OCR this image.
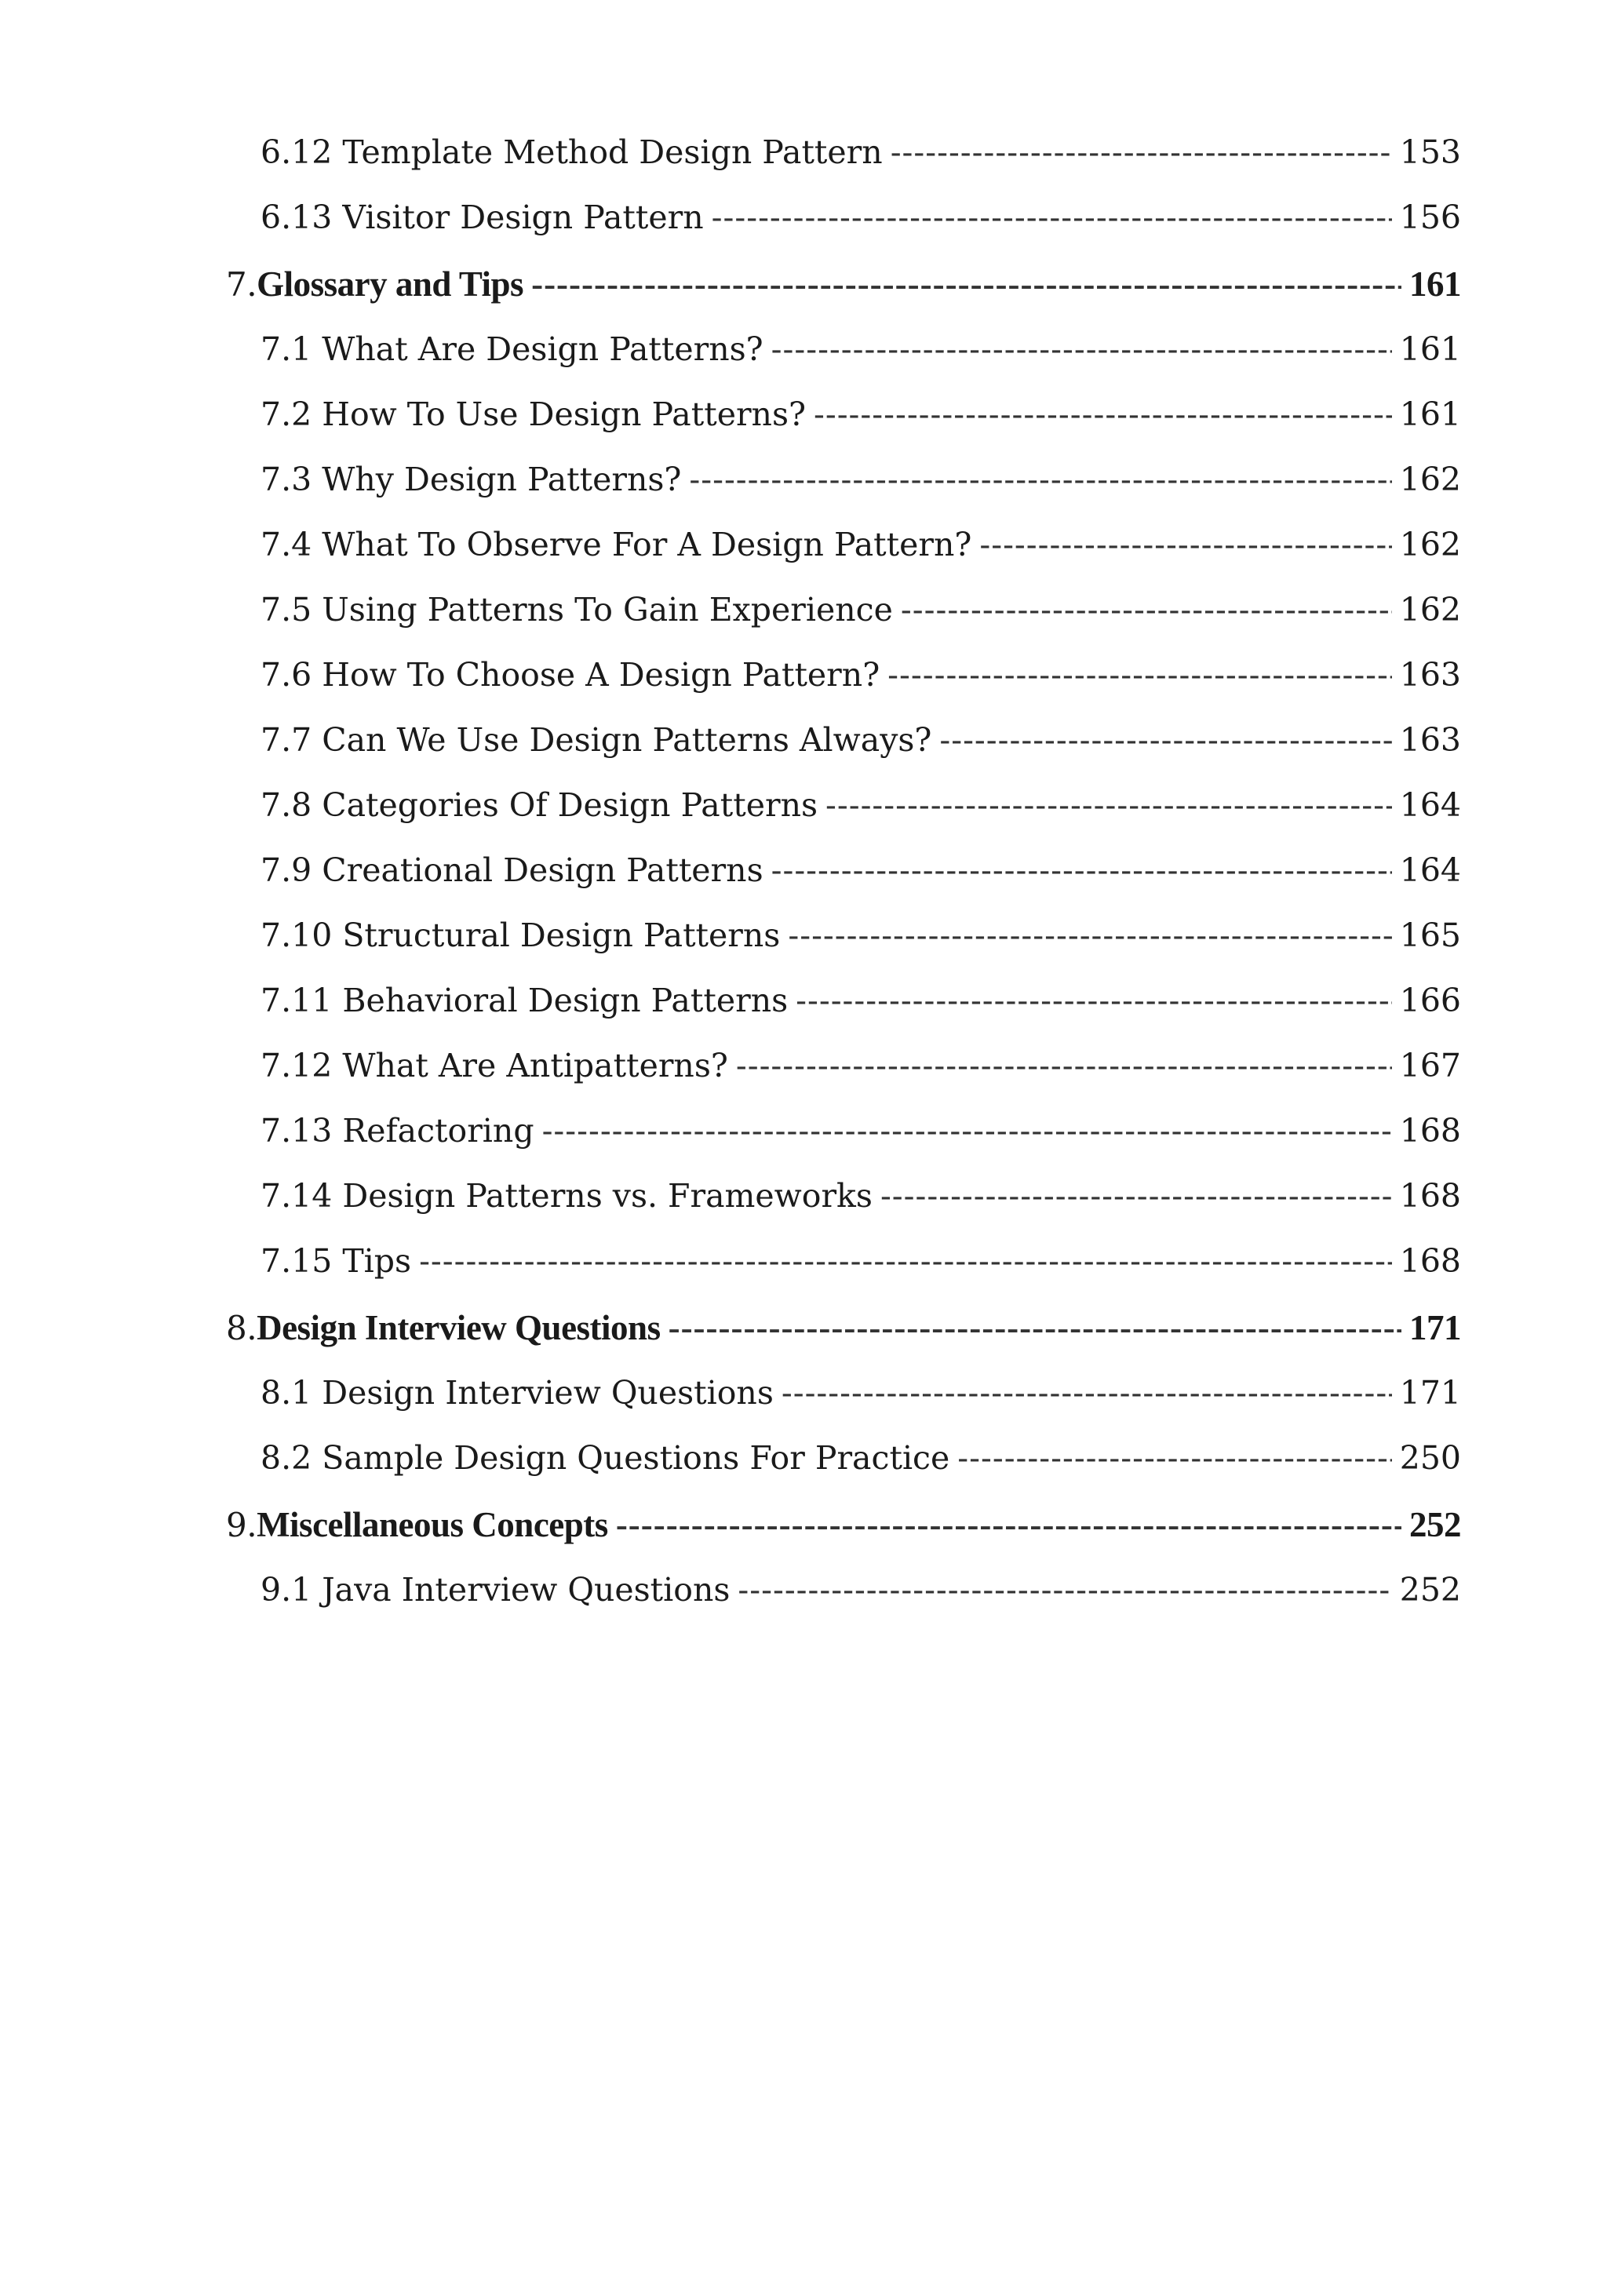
6.12 Template Method Design Pattern -----	153
6.13 Visitor Design Pattern -----	156
7. Glossary and Tips -----	161
7.1 What Are Design Patterns? -----	161
7.2 How To Use Design Patterns? -----	161
7.3 Why Design Patterns? -----	162
7.4 What To Observe For A Design Pattern? -----	162
7.5 Using Patterns To Gain Experience -----	162
7.6 How To Choose A Design Pattern? -----	163
7.7 Can We Use Design Patterns Always? -----	163
7.8 Categories Of Design Patterns -----	164
7.9 Creational Design Patterns -----	164
7.10 Structural Design Patterns -----	165
7.11 Behavioral Design Patterns -----	166
7.12 What Are Antipatterns? -----	167
7.13 Refactoring -----	168
7.14 Design Patterns vs. Frameworks -----	168
7.15 Tips -----	168
8. Design Interview Questions -----	171
8.1 Design Interview Questions -----	171
8.2 Sample Design Questions For Practice -----	250
9. Miscellaneous Concepts -----	252
9.1 Java Interview Questions -----	252
